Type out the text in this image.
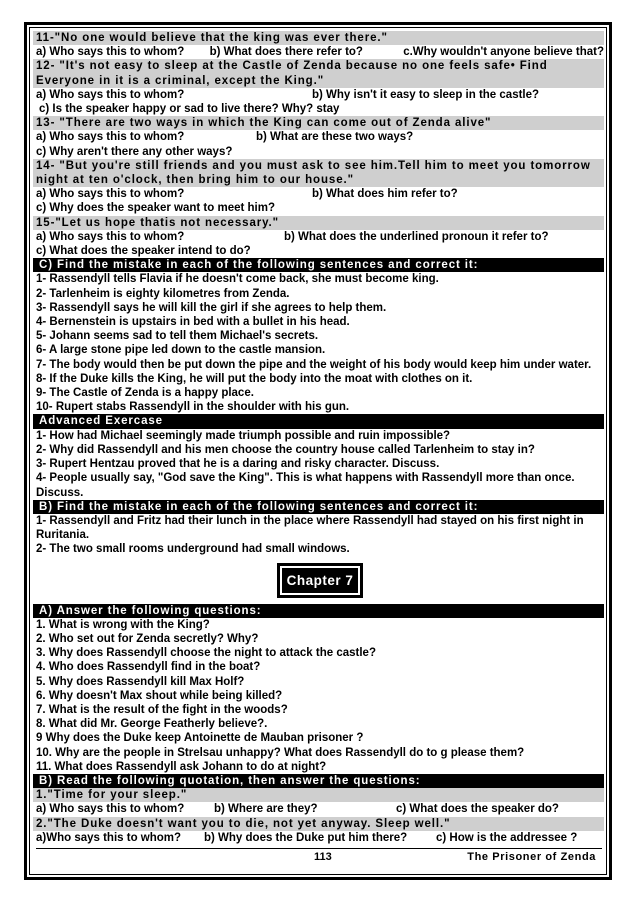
11-"No one would believe that the king was ever there."
a) Who says this to whom?	b) What does there refer to?	c.Why wouldn't anyone believe that?
12- "It's not easy to sleep at the Castle of Zenda because no one feels safe• Find Everyone in it is a criminal, except the King."
a) Who says this to whom?	b) Why isn't it easy to sleep in the castle?
c) Is the speaker happy or sad to live there? Why? stay
13- "There are two ways in which the King can come out of Zenda alive"
a) Who says this to whom?	b) What are these two ways?
c) Why aren't there any other ways?
14- "But you're still friends and you must ask to see him.Tell him to meet you tomorrow night at ten o'clock, then bring him to our house."
a) Who says this to whom?	b) What does him refer to?
c) Why does the speaker want to meet him?
15-"Let us hope thatis not necessary."
a) Who says this to whom?	b) What does the underlined pronoun it refer to?
c) What does the speaker intend to do?
C) Find the mistake in each of the following sentences and correct it:
1- Rassendyll tells Flavia if he doesn't come back, she must become king.
2- Tarlenheim is eighty kilometres from Zenda.
3- Rassendyll says he will kill the girl if she agrees to help them.
4- Bernenstein is upstairs in bed with a bullet in his head.
5- Johann seems sad to tell them Michael's secrets.
6- A large stone pipe led down to the castle mansion.
7- The body would then be put down the pipe and the weight of his body would keep him under water.
8- If the Duke kills the King, he will put the body into the moat with clothes on it.
9- The Castle of Zenda is a happy place.
10- Rupert stabs Rassendyll in the shoulder with his gun.
Advanced Exercase
1- How had Michael seemingly made triumph possible and ruin impossible?
2- Why did Rassendyll and his men choose the country house called Tarlenheim to stay in?
3- Rupert Hentzau proved that he is a daring and risky character. Discuss.
4- People usually say, "God save the King". This is what happens with Rassendyll more than once. Discuss.
B) Find the mistake in each of the following sentences and correct it:
1- Rassendyll and Fritz had their lunch in the place where Rassendyll had stayed on his first night in Ruritania.
2- The two small rooms underground had small windows.
Chapter 7
A) Answer the following questions:
1. What is wrong with the King?
2. Who set out for Zenda secretly? Why?
3. Why does Rassendyll choose the night to attack the castle?
4. Who does Rassendyll find in the boat?
5. Why does Rassendyll kill Max Holf?
6. Why doesn't Max shout while being killed?
7. What is the result of the fight in the woods?
8. What did Mr. George Featherly believe?.
9 Why does the Duke keep Antoinette de Mauban prisoner ?
10. Why are the people in Strelsau unhappy? What does Rassendyll do to g please them?
11. What does Rassendyll ask Johann to do at night?
B) Read the following quotation, then answer the questions:
1."Time for your sleep."
a) Who says this to whom?	b) Where are they?	c) What does the speaker do?
2."The Duke doesn't want you to die, not yet anyway. Sleep well."
a)Who says this to whom?	b) Why does the Duke put him there?	c) How is the addressee ?
113	The Prisoner of Zenda
